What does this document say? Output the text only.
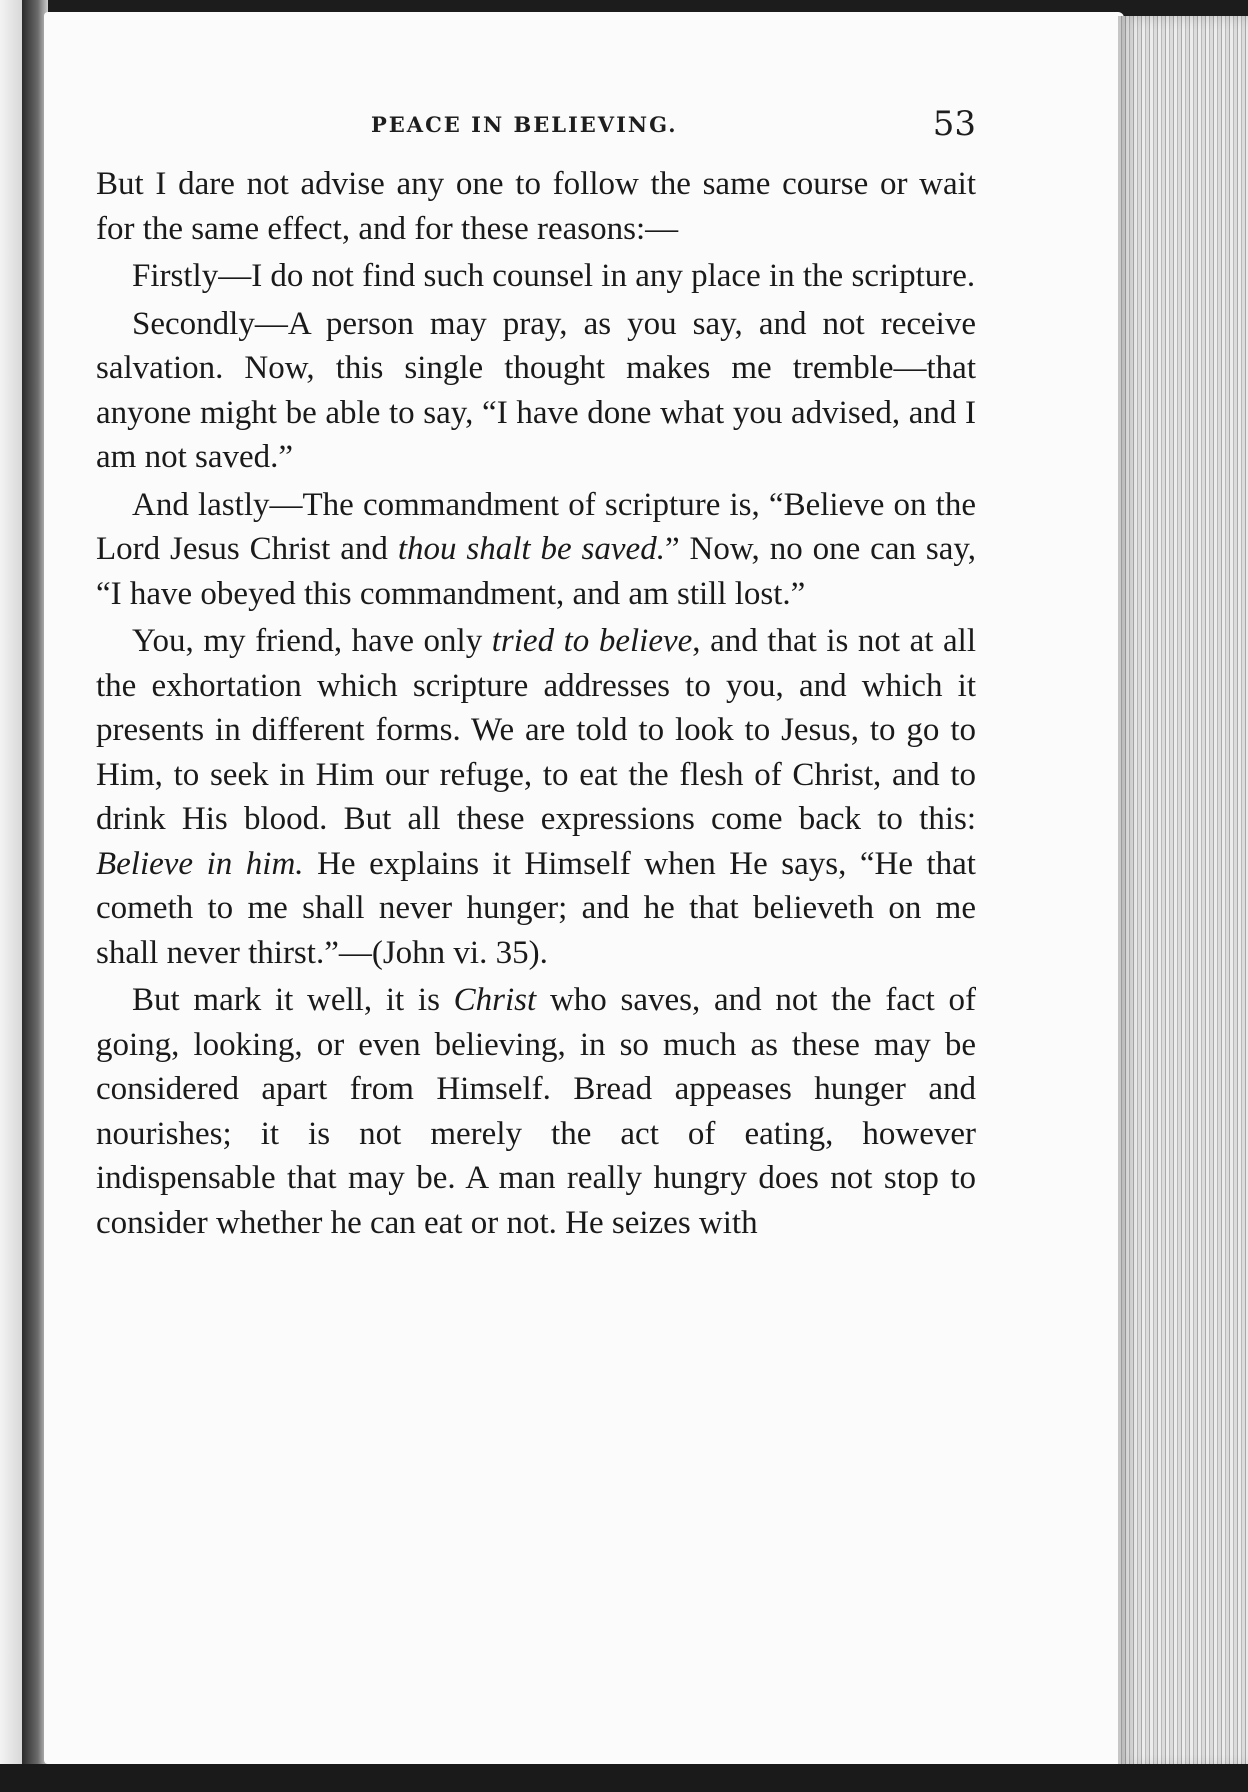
PEACE IN BELIEVING.	53

But I dare not advise any one to follow the same course or wait for the same effect, and for these reasons:—

Firstly—I do not find such counsel in any place in the scripture.

Secondly—A person may pray, as you say, and not receive salvation. Now, this single thought makes me tremble—that anyone might be able to say, “I have done what you advised, and I am not saved.”

And lastly—The commandment of scripture is, “Believe on the Lord Jesus Christ and thou shalt be saved.” Now, no one can say, “I have obeyed this commandment, and am still lost.”

You, my friend, have only tried to believe, and that is not at all the exhortation which scripture addresses to you, and which it presents in different forms. We are told to look to Jesus, to go to Him, to seek in Him our refuge, to eat the flesh of Christ, and to drink His blood. But all these expressions come back to this: Believe in him. He explains it Himself when He says, “He that cometh to me shall never hunger; and he that believeth on me shall never thirst.”—(John vi. 35).

But mark it well, it is Christ who saves, and not the fact of going, looking, or even believing, in so much as these may be considered apart from Himself. Bread appeases hunger and nourishes; it is not merely the act of eating, however indispensable that may be. A man really hungry does not stop to consider whether he can eat or not. He seizes with
